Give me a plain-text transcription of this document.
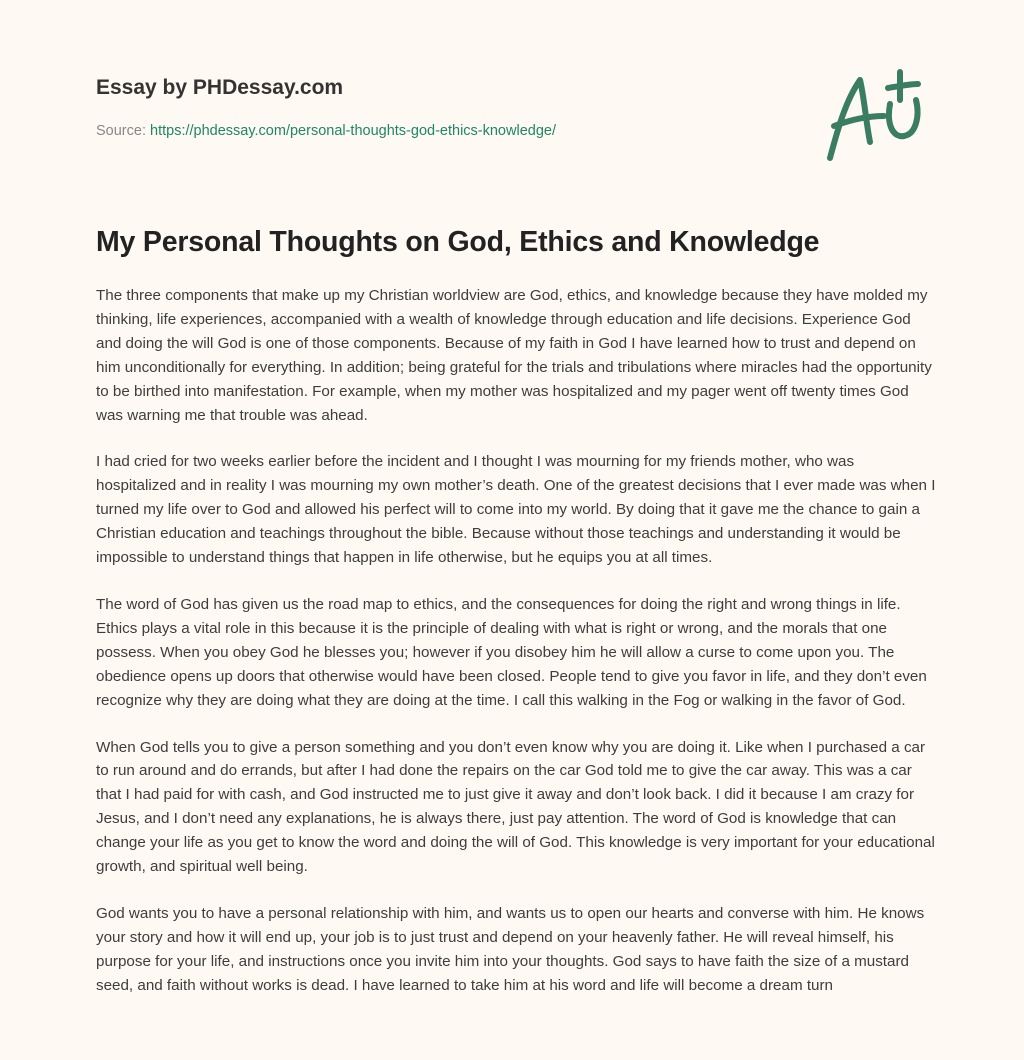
Essay by PHDessay.com
Source: https://phdessay.com/personal-thoughts-god-ethics-knowledge/
My Personal Thoughts on God, Ethics and Knowledge

The three components that make up my Christian worldview are God, ethics, and knowledge because they have molded my thinking, life experiences, accompanied with a wealth of knowledge through education and life decisions. Experience God and doing the will God is one of those components. Because of my faith in God I have learned how to trust and depend on him unconditionally for everything. In addition; being grateful for the trials and tribulations where miracles had the opportunity to be birthed into manifestation. For example, when my mother was hospitalized and my pager went off twenty times God was warning me that trouble was ahead.

I had cried for two weeks earlier before the incident and I thought I was mourning for my friends mother, who was hospitalized and in reality I was mourning my own mother’s death. One of the greatest decisions that I ever made was when I turned my life over to God and allowed his perfect will to come into my world. By doing that it gave me the chance to gain a Christian education and teachings throughout the bible. Because without those teachings and understanding it would be impossible to understand things that happen in life otherwise, but he equips you at all times.

The word of God has given us the road map to ethics, and the consequences for doing the right and wrong things in life. Ethics plays a vital role in this because it is the principle of dealing with what is right or wrong, and the morals that one possess. When you obey God he blesses you; however if you disobey him he will allow a curse to come upon you. The obedience opens up doors that otherwise would have been closed. People tend to give you favor in life, and they don’t even recognize why they are doing what they are doing at the time. I call this walking in the Fog or walking in the favor of God.

When God tells you to give a person something and you don’t even know why you are doing it. Like when I purchased a car to run around and do errands, but after I had done the repairs on the car God told me to give the car away. This was a car that I had paid for with cash, and God instructed me to just give it away and don’t look back. I did it because I am crazy for Jesus, and I don’t need any explanations, he is always there, just pay attention. The word of God is knowledge that can change your life as you get to know the word and doing the will of God. This knowledge is very important for your educational growth, and spiritual well being.

God wants you to have a personal relationship with him, and wants us to open our hearts and converse with him. He knows your story and how it will end up, your job is to just trust and depend on your heavenly father. He will reveal himself, his purpose for your life, and instructions once you invite him into your thoughts. God says to have faith the size of a mustard seed, and faith without works is dead. I have learned to take him at his word and life will become a dream turn
